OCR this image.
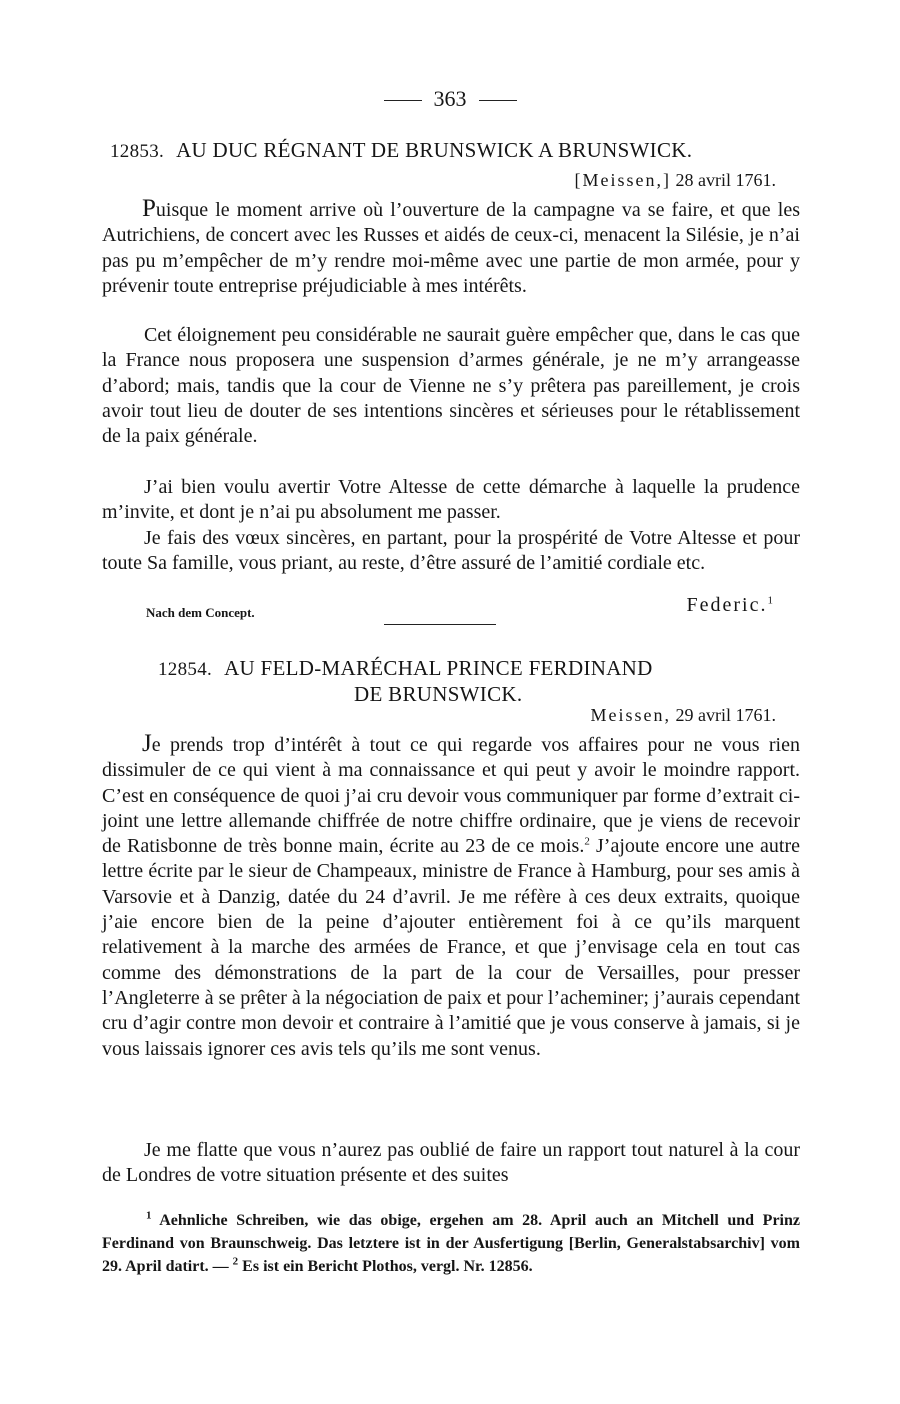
363
12853. AU DUC RÉGNANT DE BRUNSWICK A BRUNSWICK.
[Meissen,] 28 avril 1761.

Puisque le moment arrive où l’ouverture de la campagne va se faire, et que les Autrichiens, de concert avec les Russes et aidés de ceux-ci, menacent la Silésie, je n’ai pas pu m’empêcher de m’y rendre moi-même avec une partie de mon armée, pour y prévenir toute entreprise préjudiciable à mes intérêts.

Cet éloignement peu considérable ne saurait guère empêcher que, dans le cas que la France nous proposera une suspension d’armes générale, je ne m’y arrangeasse d’abord; mais, tandis que la cour de Vienne ne s’y prêtera pas pareillement, je crois avoir tout lieu de douter de ses intentions sincères et sérieuses pour le rétablissement de la paix générale.

J’ai bien voulu avertir Votre Altesse de cette démarche à laquelle la prudence m’invite, et dont je n’ai pu absolument me passer.

Je fais des vœux sincères, en partant, pour la prospérité de Votre Altesse et pour toute Sa famille, vous priant, au reste, d’être assuré de l’amitié cordiale etc.

Nach dem Concept.	Federic.$^1$
12854. AU FELD-MARÉCHAL PRINCE FERDINAND
DE BRUNSWICK.
Meissen, 29 avril 1761.

Je prends trop d’intérêt à tout ce qui regarde vos affaires pour ne vous rien dissimuler de ce qui vient à ma connaissance et qui peut y avoir le moindre rapport. C’est en conséquence de quoi j’ai cru devoir vous communiquer par forme d’extrait ci-joint une lettre allemande chiffrée de notre chiffre ordinaire, que je viens de recevoir de Ratisbonne de très bonne main, écrite au 23 de ce mois.$^2$ J’ajoute encore une autre lettre écrite par le sieur de Champeaux, ministre de France à Hamburg, pour ses amis à Varsovie et à Danzig, datée du 24 d’avril. Je me réfère à ces deux extraits, quoique j’aie encore bien de la peine d’ajouter entièrement foi à ce qu’ils marquent relativement à la marche des armées de France, et que j’envisage cela en tout cas comme des démonstrations de la part de la cour de Versailles, pour presser l’Angleterre à se prêter à la négociation de paix et pour l’acheminer; j’aurais cependant cru d’agir contre mon devoir et contraire à l’amitié que je vous conserve à jamais, si je vous laissais ignorer ces avis tels qu’ils me sont venus.

Je me flatte que vous n’aurez pas oublié de faire un rapport tout naturel à la cour de Londres de votre situation présente et des suites

$^1$ Aehnliche Schreiben, wie das obige, ergehen am 28. April auch an Mitchell und Prinz Ferdinand von Braunschweig. Das letztere ist in der Ausfertigung [Berlin, Generalstabsarchiv] vom 29. April datirt. — $^2$ Es ist ein Bericht Plothos, vergl. Nr. 12856.
